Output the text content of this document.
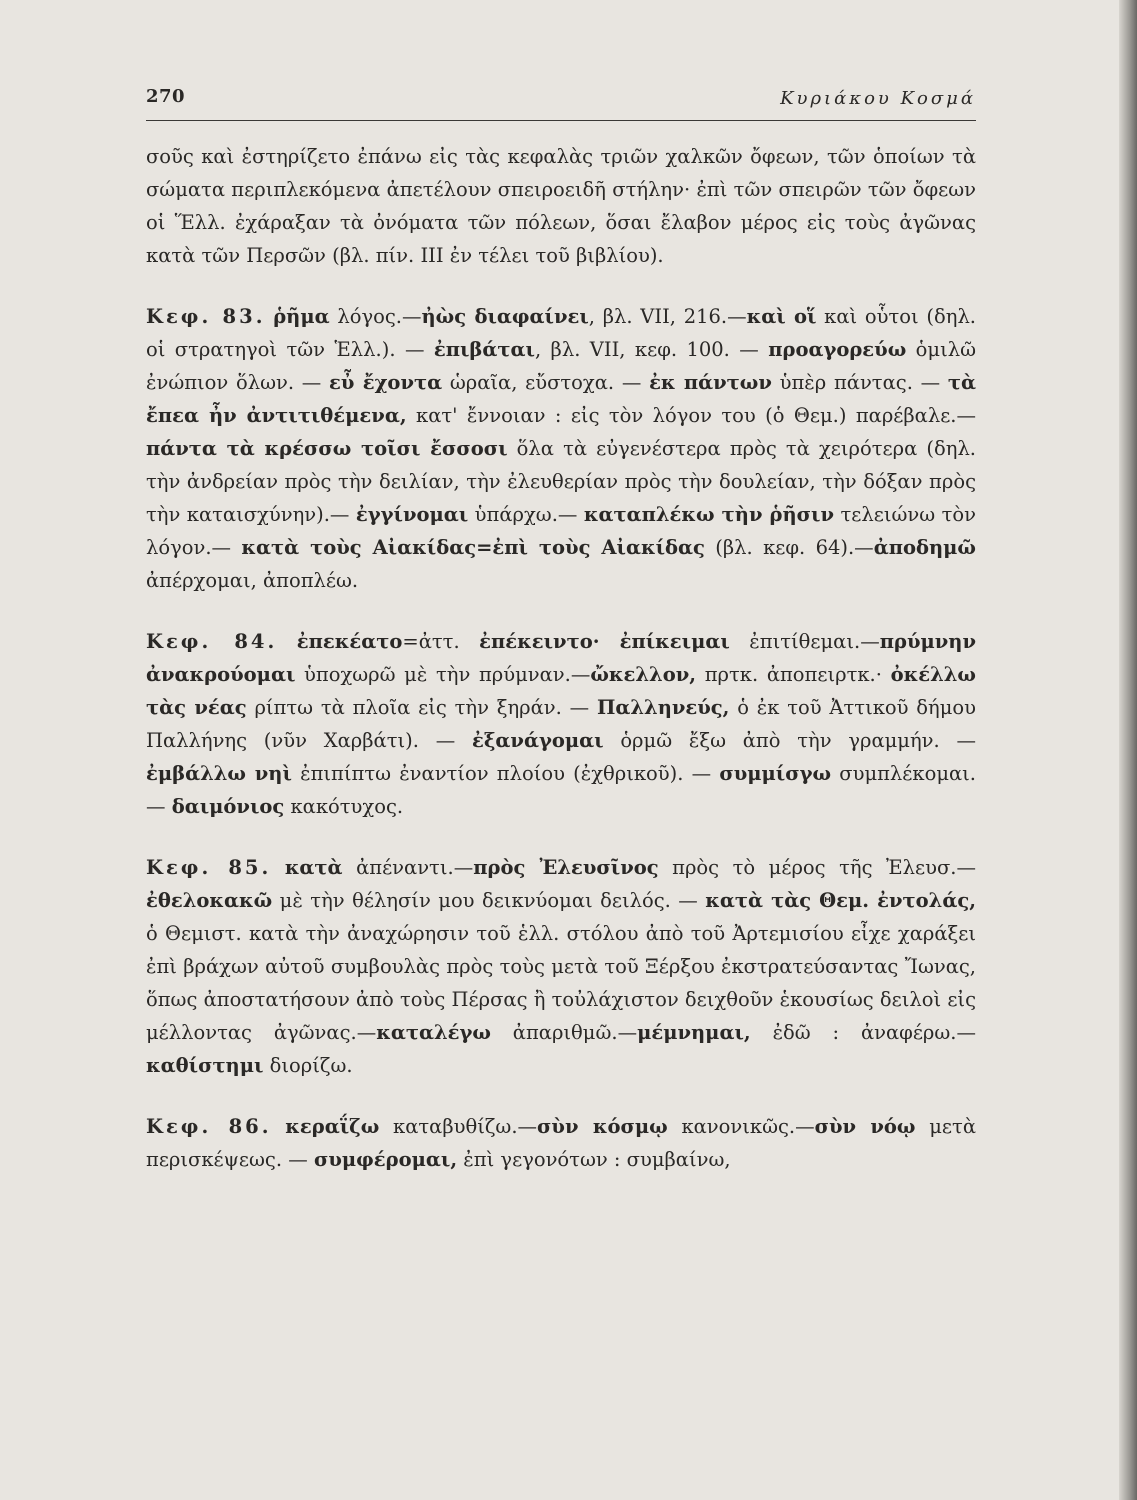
270	Κυριάκου Κοσμά

σοῦς καὶ ἐστηρίζετο ἐπάνω εἰς τὰς κεφαλὰς τριῶν χαλκῶν ὄφεων, τῶν ὁποίων τὰ σώματα περιπλεκόμενα ἀπετέλουν σπειροειδῆ στήλην· ἐπὶ τῶν σπειρῶν τῶν ὄφεων οἱ Ἕλλ. ἐχάραξαν τὰ ὀνόματα τῶν πόλεων, ὅσαι ἔλαβον μέρος εἰς τοὺς ἀγῶνας κατὰ τῶν Περσῶν (βλ. πίν. ΙΙΙ ἐν τέλει τοῦ βιβλίου).

Κεφ. 83. ῥῆμα λόγος.—ἠὼς διαφαίνει, βλ. VII, 216.—καὶ οἵ καὶ οὗτοι (δηλ. οἱ στρατηγοὶ τῶν Ἑλλ.). — ἐπιβάται, βλ. VII, κεφ. 100. — προαγορεύω ὁμιλῶ ἐνώπιον ὅλων. — εὖ ἔχοντα ὡραῖα, εὔστοχα. — ἐκ πάντων ὑπὲρ πάντας. — τὰ ἔπεα ἦν ἀντιτιθέμενα, κατ' ἔννοιαν : εἰς τὸν λόγον του (ὁ Θεμ.) παρέβαλε.—πάντα τὰ κρέσσω τοῖσι ἔσσοσι ὅλα τὰ εὐγενέστερα πρὸς τὰ χειρότερα (δηλ. τὴν ἀνδρείαν πρὸς τὴν δειλίαν, τὴν ἐλευθερίαν πρὸς τὴν δουλείαν, τὴν δόξαν πρὸς τὴν καταισχύνην).— ἐγγίνομαι ὑπάρχω.— καταπλέκω τὴν ῥῆσιν τελειώνω τὸν λόγον.— κατὰ τοὺς Αἰακίδας=ἐπὶ τοὺς Αἰακίδας (βλ. κεφ. 64).—ἀποδημῶ ἀπέρχομαι, ἀποπλέω.

Κεφ. 84. ἐπεκέατο=ἀττ. ἐπέκειντο· ἐπίκειμαι ἐπιτίθεμαι.—πρύμνην ἀνακρούομαι ὑποχωρῶ μὲ τὴν πρύμναν.—ὤκελλον, πρτκ. ἀποπειρτκ.· ὀκέλλω τὰς νέας ρίπτω τὰ πλοῖα εἰς τὴν ξηράν. — Παλληνεύς, ὁ ἐκ τοῦ Ἀττικοῦ δήμου Παλλήνης (νῦν Χαρβάτι). — ἐξανάγομαι ὁρμῶ ἔξω ἀπὸ τὴν γραμμήν. — ἐμβάλλω νηὶ ἐπιπίπτω ἐναντίον πλοίου (ἐχθρικοῦ). — συμμίσγω συμπλέκομαι.— δαιμόνιος κακότυχος.

Κεφ. 85. κατὰ ἀπέναντι.—πρὸς Ἐλευσῖνος πρὸς τὸ μέρος τῆς Ἐλευσ.—ἐθελοκακῶ μὲ τὴν θέλησίν μου δεικνύομαι δειλός. — κατὰ τὰς Θεμ. ἐντολάς, ὁ Θεμιστ. κατὰ τὴν ἀναχώρησιν τοῦ ἑλλ. στόλου ἀπὸ τοῦ Ἀρτεμισίου εἶχε χαράξει ἐπὶ βράχων αὐτοῦ συμβουλὰς πρὸς τοὺς μετὰ τοῦ Ξέρξου ἐκστρατεύσαντας Ἴωνας, ὅπως ἀποστατήσουν ἀπὸ τοὺς Πέρσας ἢ τοὐλάχιστον δειχθοῦν ἑκουσίως δειλοὶ εἰς μέλλοντας ἀγῶνας.—καταλέγω ἀπαριθμῶ.—μέμνημαι, ἐδῶ : ἀναφέρω.—καθίστημι διορίζω.

Κεφ. 86. κεραΐζω καταβυθίζω.—σὺν κόσμῳ κανονικῶς.—σὺν νόῳ μετὰ περισκέψεως. — συμφέρομαι, ἐπὶ γεγονότων : συμβαίνω,
